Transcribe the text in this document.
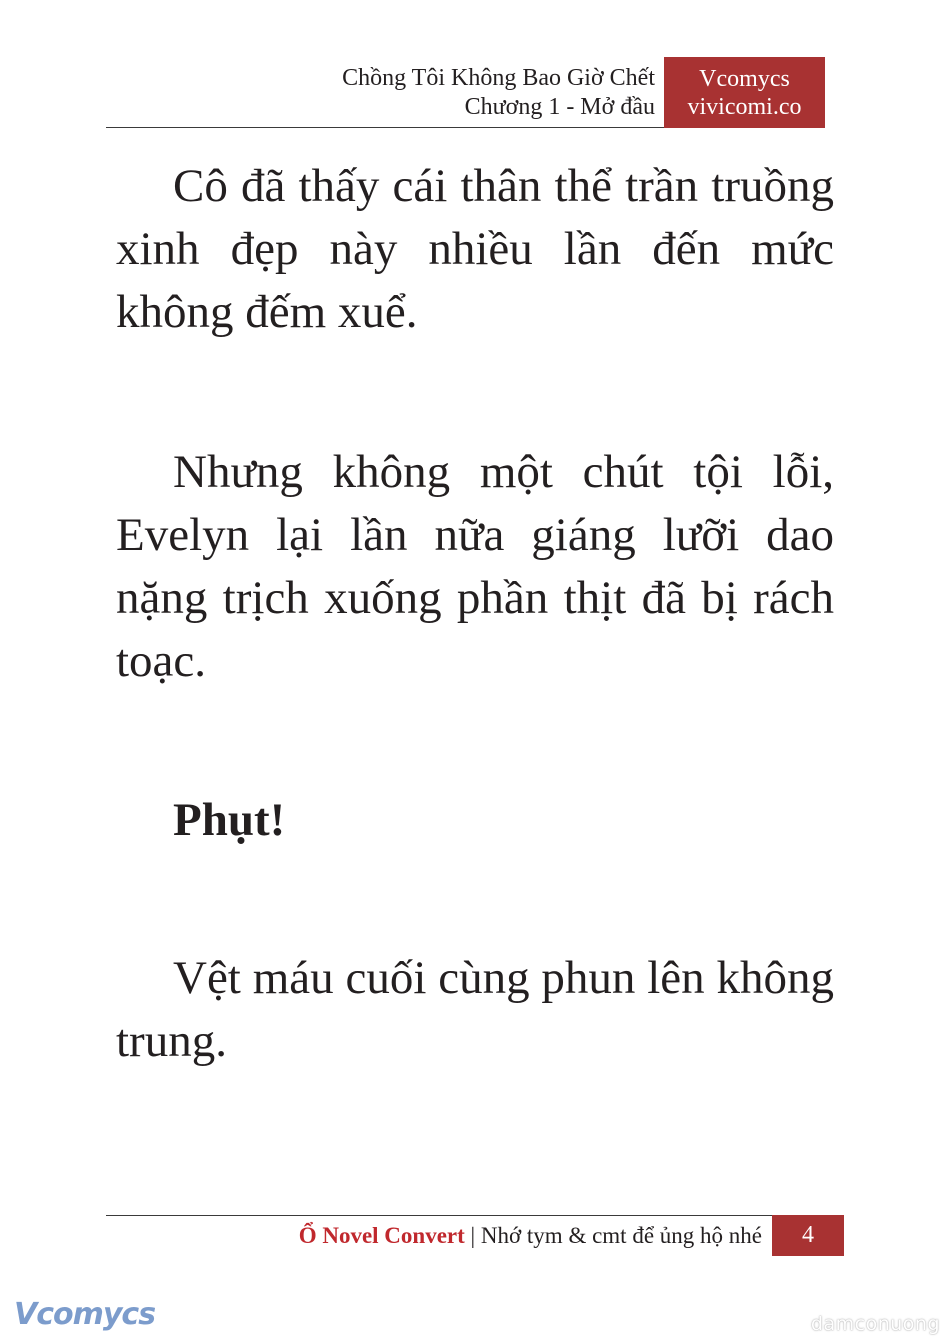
Chồng Tôi Không Bao Giờ Chết
Chương 1 - Mở đầu
Vcomycs
vivicomi.co

Cô đã thấy cái thân thể trần truồng xinh đẹp này nhiều lần đến mức không đếm xuể.

Nhưng không một chút tội lỗi, Evelyn lại lần nữa giáng lưỡi dao nặng trịch xuống phần thịt đã bị rách toạc.

Phụt!

Vệt máu cuối cùng phun lên không trung.

Ổ Novel Convert | Nhớ tym & cmt để ủng hộ nhé	4
Vcomycs	damconuong
